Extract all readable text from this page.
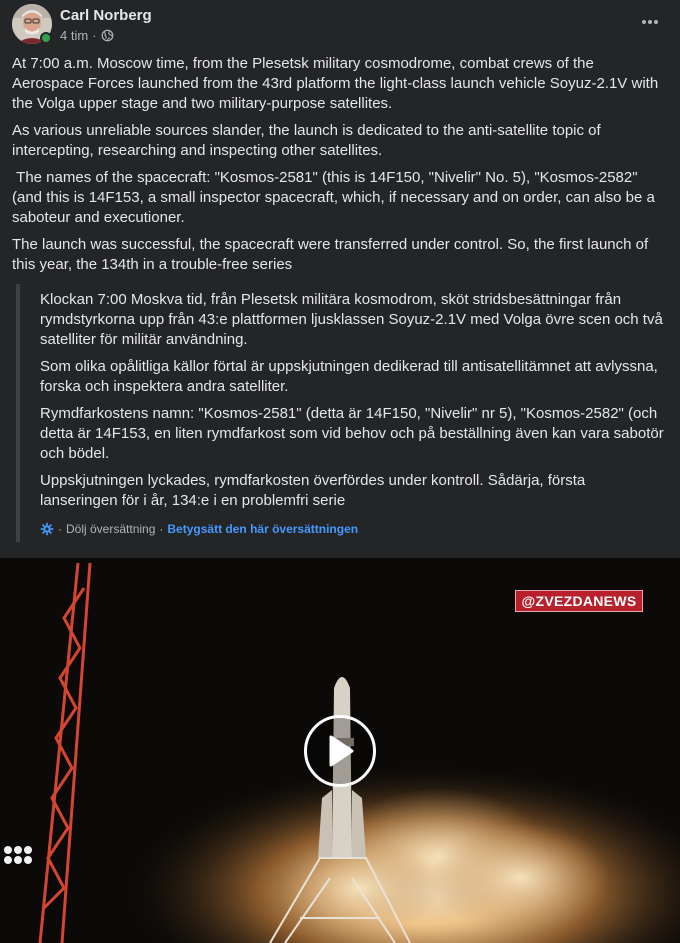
Carl Norberg
4 tim ·

At 7:00 a.m. Moscow time, from the Plesetsk military cosmodrome, combat crews of the Aerospace Forces launched from the 43rd platform the light-class launch vehicle Soyuz-2.1V with the Volga upper stage and two military-purpose satellites.

As various unreliable sources slander, the launch is dedicated to the anti-satellite topic of intercepting, researching and inspecting other satellites.

The names of the spacecraft: "Kosmos-2581" (this is 14F150, "Nivelir" No. 5), "Kosmos-2582" (and this is 14F153, a small inspector spacecraft, which, if necessary and on order, can also be a saboteur and executioner.

The launch was successful, the spacecraft were transferred under control. So, the first launch of this year, the 134th in a trouble-free series

Klockan 7:00 Moskva tid, från Plesetsk militära kosmodrom, sköt stridsbesättningar från rymdstyrkorna upp från 43:e plattformen ljusklassen Soyuz-2.1V med Volga övre scen och två satelliter för militär användning.

Som olika opålitliga källor förtal är uppskjutningen dedikerad till antisatellitämnet att avlyssna, forska och inspektera andra satelliter.

Rymdfarkostens namn: "Kosmos-2581" (detta är 14F150, "Nivelir" nr 5), "Kosmos-2582" (och detta är 14F153, en liten rymdfarkost som vid behov och på beställning även kan vara sabotör och bödel.

Uppskjutningen lyckades, rymdfarkosten överfördes under kontroll. Sådärja, första lanseringen för i år, 134:e i en problemfri serie

· Dölj översättning · Betygsätt den här översättningen
@ZVEZDANEWS
